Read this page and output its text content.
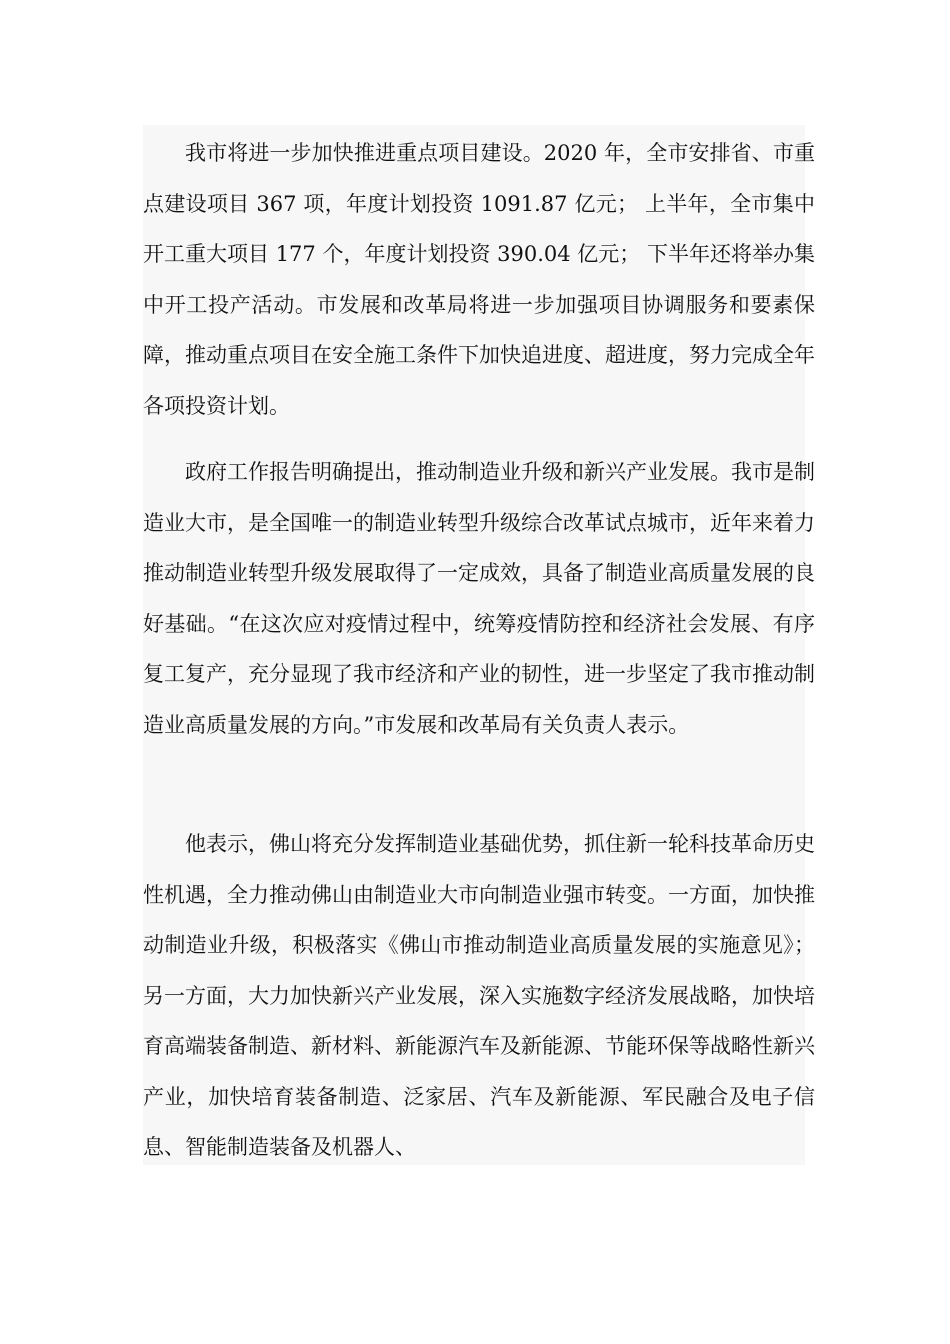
我市将进一步加快推进重点项目建设。2020 年，全市安排省、市重点建设项目 367 项，年度计划投资 1091.87 亿元； 上半年，全市集中开工重大项目 177 个，年度计划投资 390.04 亿元； 下半年还将举办集中开工投产活动。市发展和改革局将进一步加强项目协调服务和要素保障，推动重点项目在安全施工条件下加快追进度、超进度，努力完成全年各项投资计划。

政府工作报告明确提出，推动制造业升级和新兴产业发展。我市是制造业大市，是全国唯一的制造业转型升级综合改革试点城市，近年来着力推动制造业转型升级发展取得了一定成效，具备了制造业高质量发展的良好基础。“在这次应对疫情过程中，统筹疫情防控和经济社会发展、有序复工复产，充分显现了我市经济和产业的韧性，进一步坚定了我市推动制造业高质量发展的方向。”市发展和改革局有关负责人表示。

他表示，佛山将充分发挥制造业基础优势，抓住新一轮科技革命历史性机遇，全力推动佛山由制造业大市向制造业强市转变。一方面，加快推动制造业升级，积极落实《佛山市推动制造业高质量发展的实施意见》； 另一方面，大力加快新兴产业发展，深入实施数字经济发展战略，加快培育高端装备制造、新材料、新能源汽车及新能源、节能环保等战略性新兴产业，加快培育装备制造、泛家居、汽车及新能源、军民融合及电子信息、智能制造装备及机器人、
